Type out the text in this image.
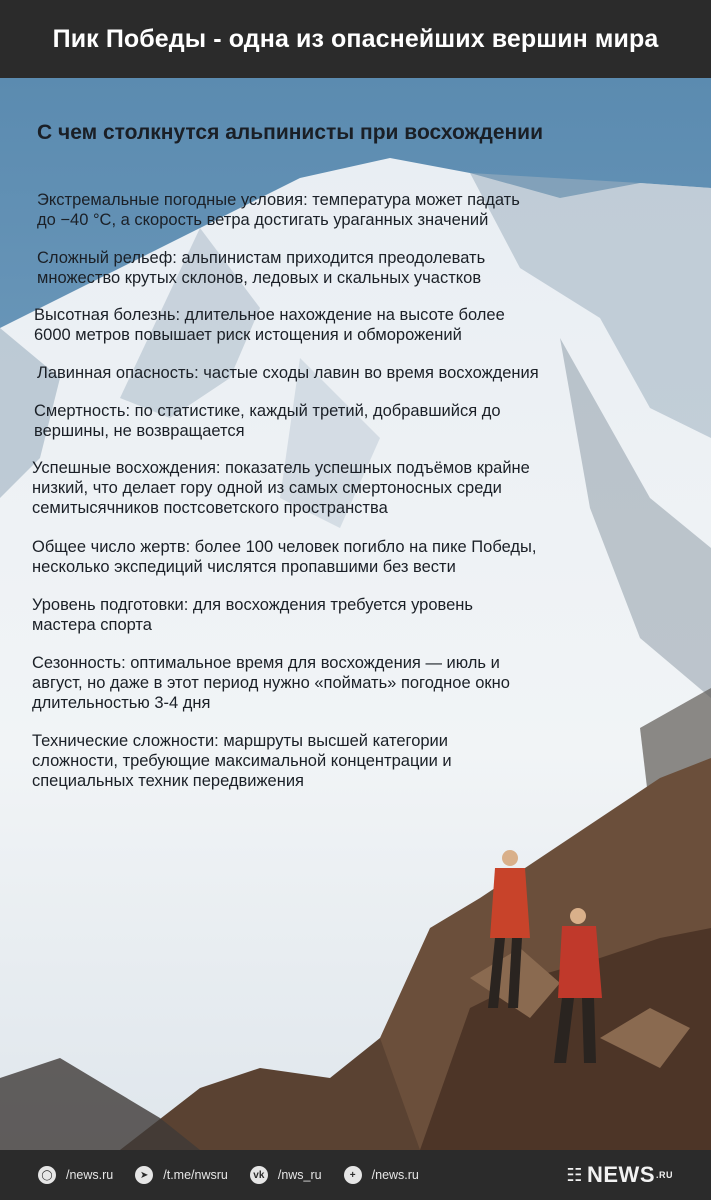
Пик Победы - одна из опаснейших вершин мира
С чем столкнутся альпинисты при восхождении

Экстремальные погодные условия: температура может падать
до −40 °С, а скорость ветра достигать ураганных значений

Сложный рельеф: альпинистам приходится преодолевать
множество крутых склонов, ледовых и скальных участков

Высотная болезнь: длительное нахождение на высоте более
6000 метров повышает риск истощения и обморожений

Лавинная опасность: частые сходы лавин во время восхождения

Смертность: по статистике, каждый третий, добравшийся до
вершины, не возвращается

Успешные восхождения: показатель успешных подъёмов крайне
низкий, что делает гору одной из самых смертоносных среди
семитысячников постсоветского пространства

Общее число жертв: более 100 человек погибло на пике Победы,
несколько экспедиций числятся пропавшими без вести

Уровень подготовки: для восхождения требуется уровень
мастера спорта

Сезонность: оптимальное время для восхождения — июль и
август, но даже в этот период нужно «поймать» погодное окно
длительностью 3-4 дня

Технические сложности: маршруты высшей категории
сложности, требующие максимальной концентрации и
специальных техник передвижения

◯ /news.ru	➤	/t.me/nwsru	vk /nws_ru	+	/news.ru	☷ NEWS .RU
